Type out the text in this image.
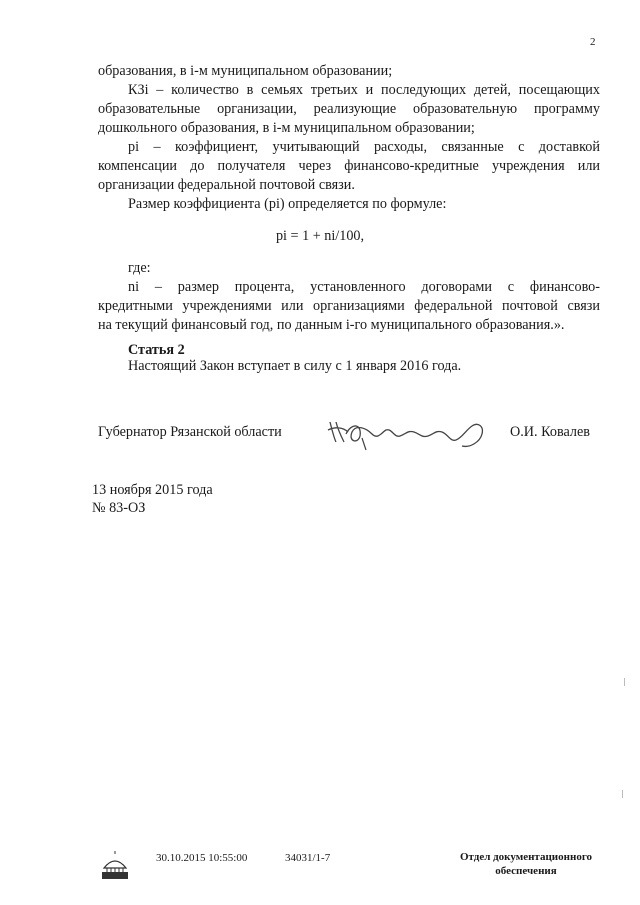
2
образования, в i-м муниципальном образовании;
КЗi – количество в семьях третьих и последующих детей, посещающих
образовательные организации, реализующие образовательную программу
дошкольного образования, в i-м муниципальном образовании;
pi – коэффициент, учитывающий расходы, связанные с доставкой
компенсации до получателя через финансово-кредитные учреждения или
организации федеральной почтовой связи.
Размер коэффициента (pi) определяется по формуле:
pi = 1 + ni/100,
где:
ni – размер процента, установленного договорами с финансово-
кредитными учреждениями или организациями федеральной почтовой связи
на текущий финансовый год, по данным i-го муниципального образования.».
Статья 2
Настоящий Закон вступает в силу с 1 января 2016 года.
Губернатор Рязанской области	О.И. Ковалев
13 ноября 2015 года
№ 83-ОЗ
30.10.2015 10:55:00	34031/1-7	Отдел документационного
обеспечения
